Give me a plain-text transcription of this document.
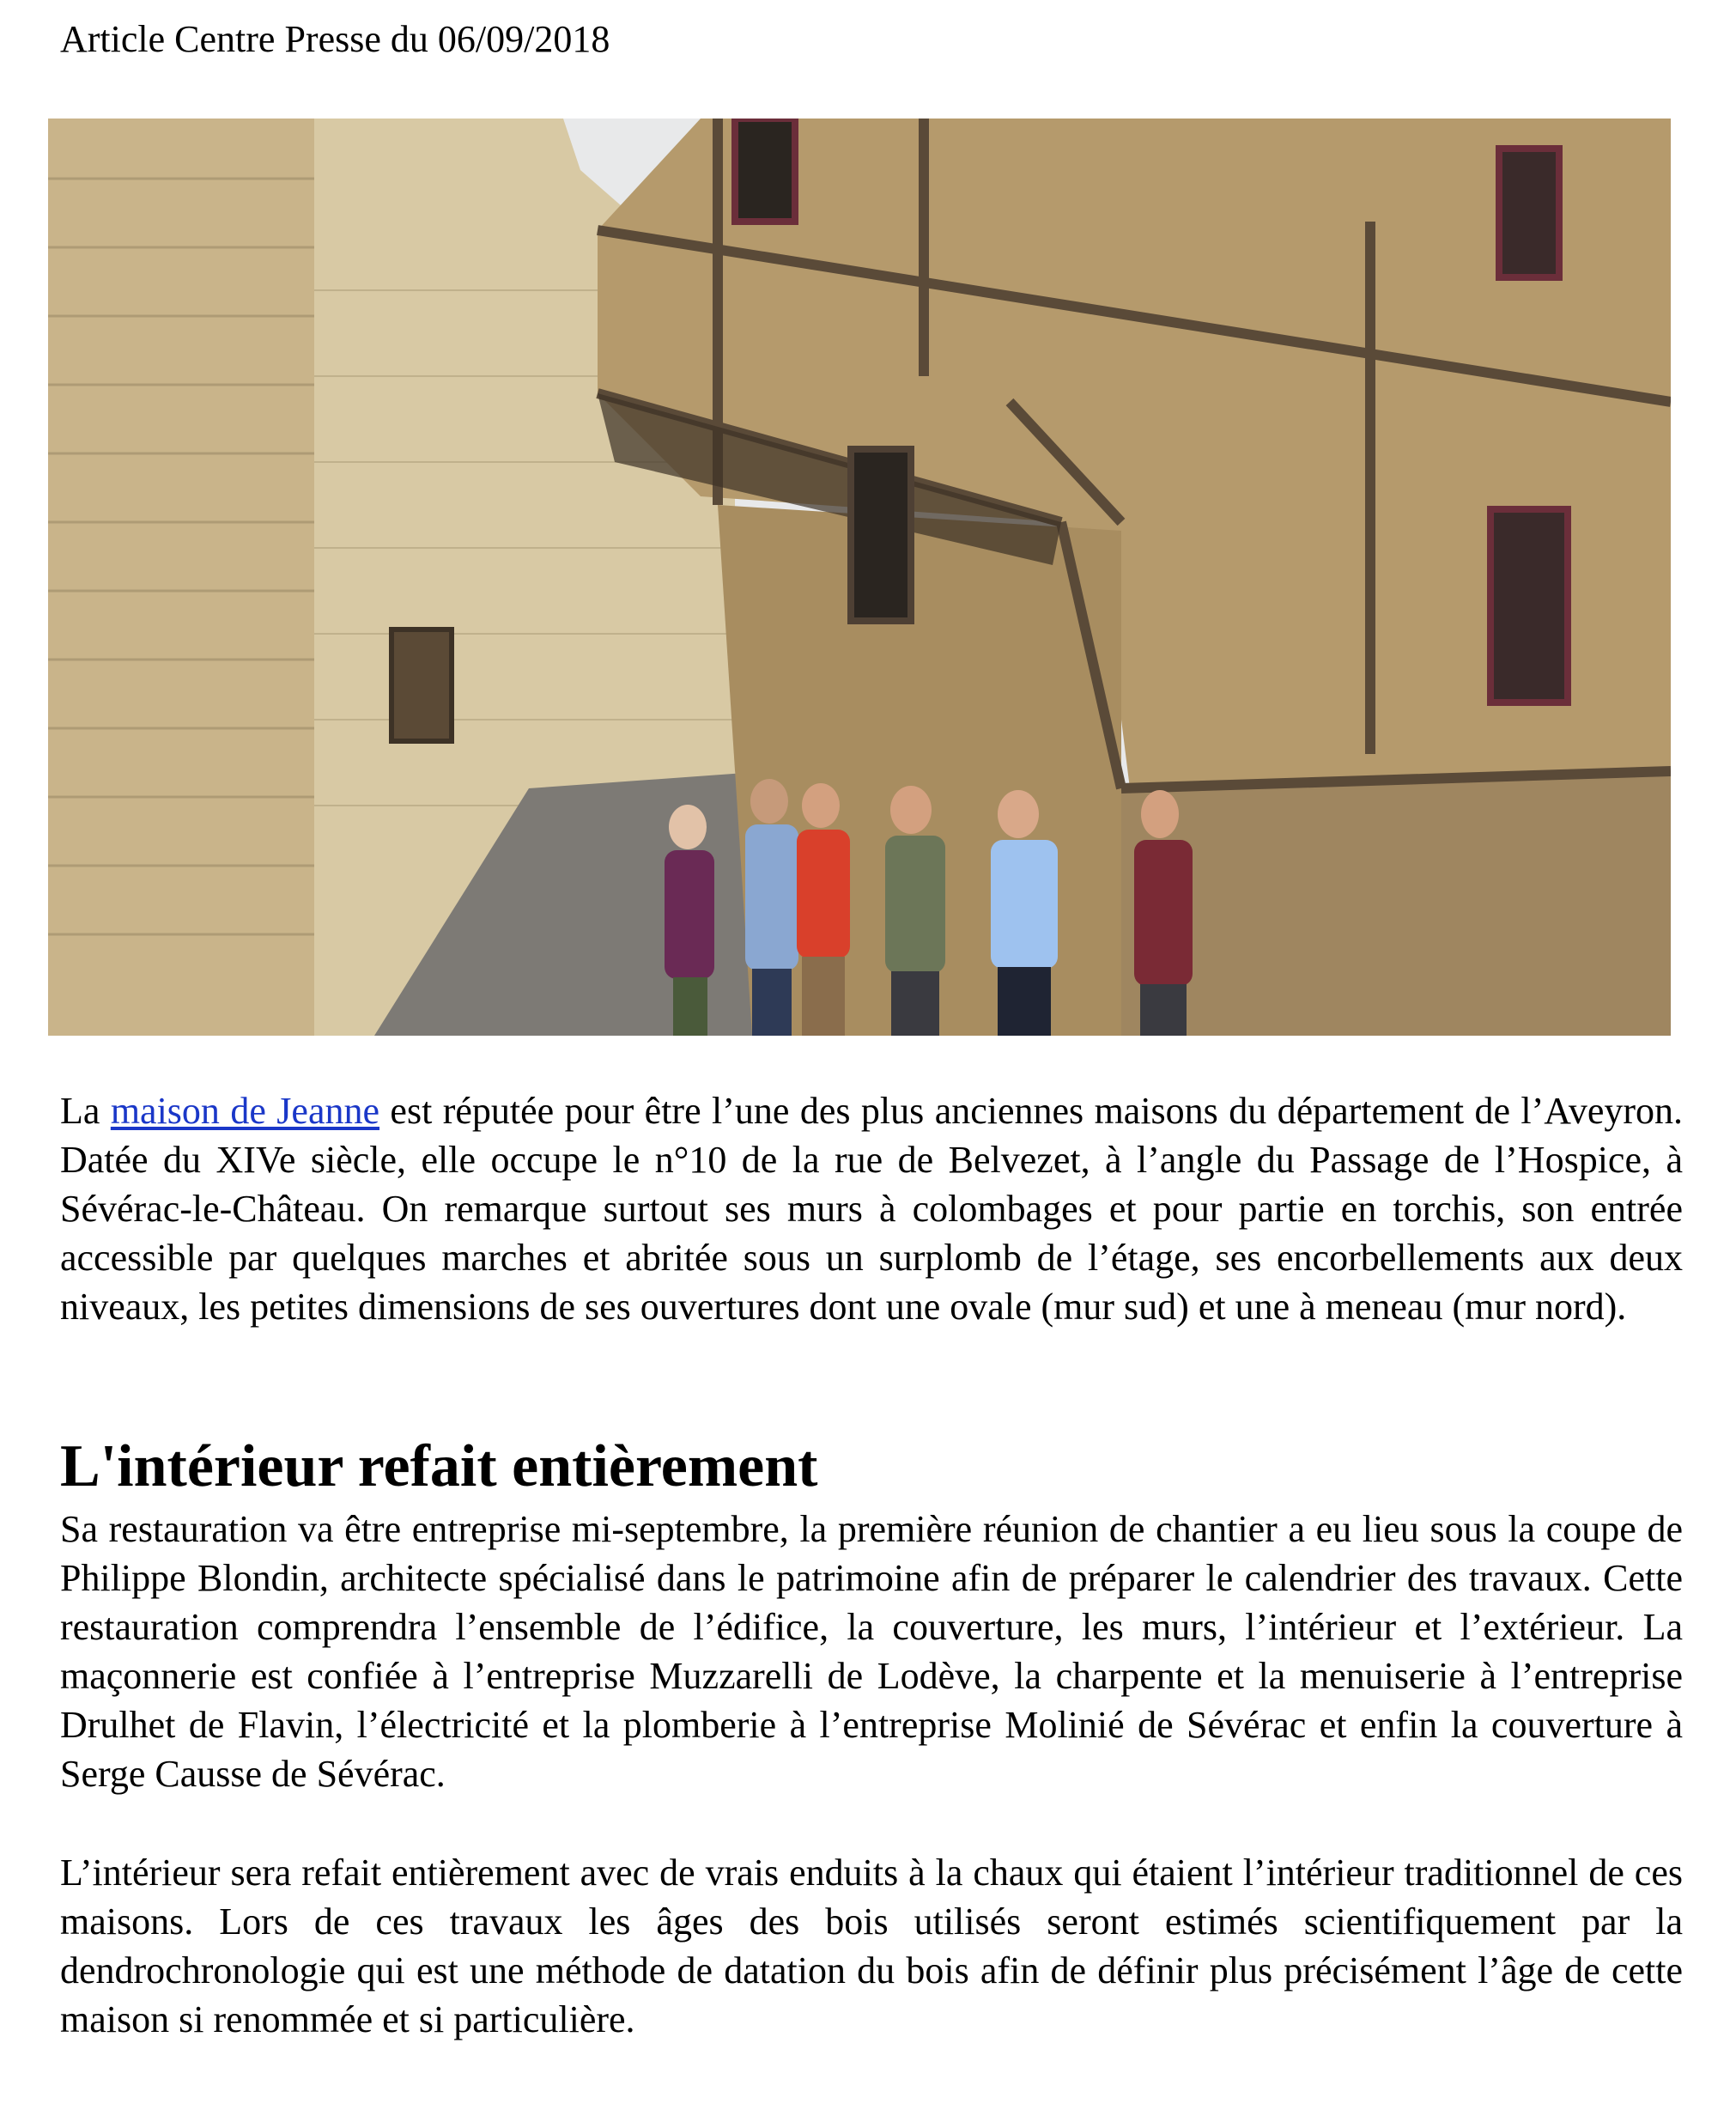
Article Centre Presse du 06/09/2018

La maison de Jeanne est réputée pour être l’une des plus anciennes maisons du département de l’Aveyron. Datée du XIVe siècle, elle occupe le n°10 de la rue de Belvezet, à l’angle du Passage de l’Hospice, à Sévérac-le-Château. On remarque surtout ses murs à colombages et pour partie en torchis, son entrée accessible par quelques marches et abritée sous un surplomb de l’étage, ses encorbellements aux deux niveaux, les petites dimensions de ses ouvertures dont une ovale (mur sud) et une à meneau (mur nord).

L'intérieur refait entièrement

Sa restauration va être entreprise mi-septembre, la première réunion de chantier a eu lieu sous la coupe de Philippe Blondin, architecte spécialisé dans le patrimoine afin de préparer le calendrier des travaux. Cette restauration comprendra l’ensemble de l’édifice, la couverture, les murs, l’intérieur et l’extérieur. La maçonnerie est confiée à l’entreprise Muzzarelli de Lodève, la charpente et la menuiserie à l’entreprise Drulhet de Flavin, l’électricité et la plomberie à l’entreprise Molinié de Sévérac et enfin la couverture à Serge Causse de Sévérac.

L’intérieur sera refait entièrement avec de vrais enduits à la chaux qui étaient l’intérieur traditionnel de ces maisons. Lors de ces travaux les âges des bois utilisés seront estimés scientifiquement par la dendrochronologie qui est une méthode de datation du bois afin de définir plus précisément l’âge de cette maison si renommée et si particulière.
